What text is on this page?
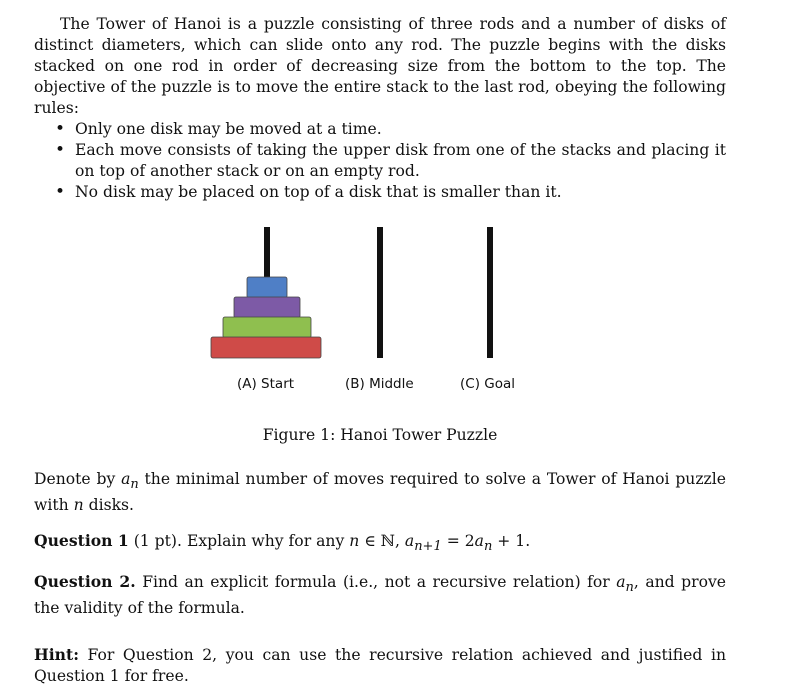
The Tower of Hanoi is a puzzle consisting of three rods and a number of disks of distinct diameters, which can slide onto any rod. The puzzle begins with the disks stacked on one rod in order of decreasing size from the bottom to the top. The objective of the puzzle is to move the entire stack to the last rod, obeying the following rules:

• Only one disk may be moved at a time.
• Each move consists of taking the upper disk from one of the stacks and placing it on top of another stack or on an empty rod.
• No disk may be placed on top of a disk that is smaller than it.
(A) Start	(B) Middle	(C) Goal

Figure 1: Hanoi Tower Puzzle

Denote by $a_n$ the minimal number of moves required to solve a Tower of Hanoi puzzle with n disks.

Question 1 (1 pt). Explain why for any n ∈ ℕ, $a_{n+1} = 2a_n + 1$.

Question 2. Find an explicit formula (i.e., not a recursive relation) for $a_n$, and prove the validity of the formula.

Hint: For Question 2, you can use the recursive relation achieved and justified in Question 1 for free.
